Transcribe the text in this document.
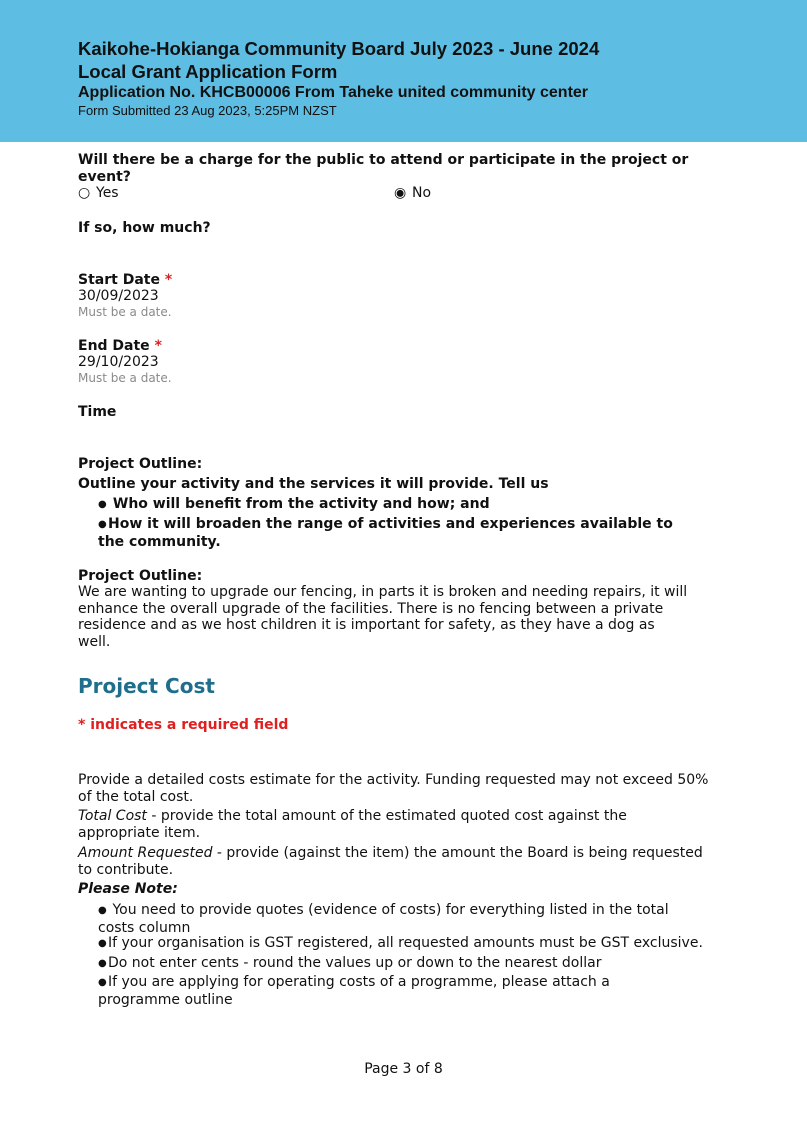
Kaikohe-Hokianga Community Board July 2023 - June 2024
Local Grant Application Form
Application No. KHCB00006 From Taheke united community center
Form Submitted 23 Aug 2023, 5:25PM NZST
Will there be a charge for the public to attend or participate in the project or event?
○ Yes	◉ No
If so, how much?
Start Date *
30/09/2023
Must be a date.
End Date *
29/10/2023
Must be a date.
Time
Project Outline:
Outline your activity and the services it will provide. Tell us
● Who will benefit from the activity and how; and
●How it will broaden the range of activities and experiences available to the community.
Project Outline:
We are wanting to upgrade our fencing, in parts it is broken and needing repairs, it will enhance the overall upgrade of the facilities. There is no fencing between a private residence and as we host children it is important for safety, as they have a dog as well.
Project Cost
* indicates a required field
Provide a detailed costs estimate for the activity. Funding requested may not exceed 50% of the total cost.
Total Cost - provide the total amount of the estimated quoted cost against the appropriate item.
Amount Requested - provide (against the item) the amount the Board is being requested to contribute.
Please Note:
● You need to provide quotes (evidence of costs) for everything listed in the total costs column
●If your organisation is GST registered, all requested amounts must be GST exclusive.
●Do not enter cents - round the values up or down to the nearest dollar
●If you are applying for operating costs of a programme, please attach a programme outline
Page 3 of 8
